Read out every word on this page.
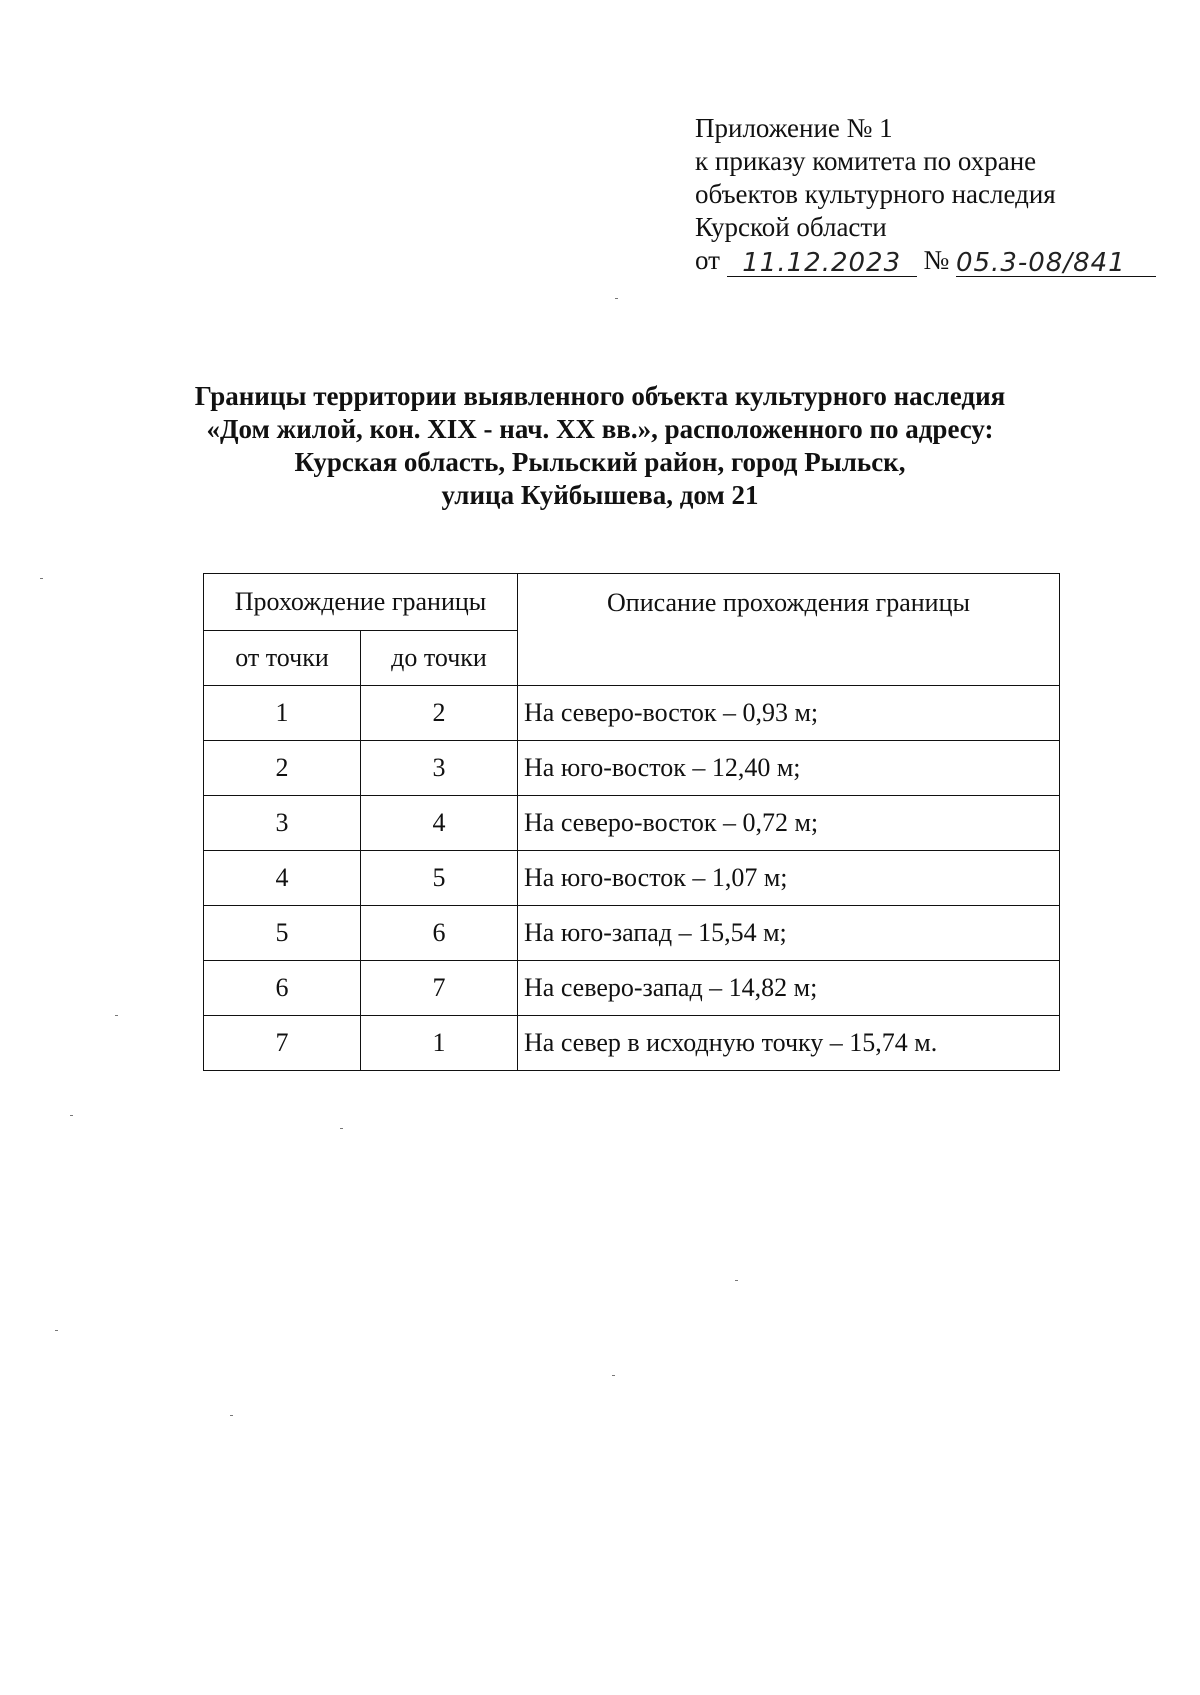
Приложение № 1
к приказу комитета по охране
объектов культурного наследия
Курской области
от 11.12.2023 № 05.3-08/841
Границы территории выявленного объекта культурного наследия
«Дом жилой, кон. XIX - нач. XX вв.», расположенного по адресу:
Курская область, Рыльский район, город Рыльск,
улица Куйбышева, дом 21
Прохождение границы		Описание прохождения границы
от точки	до точки	
1	2	На северо-восток – 0,93 м;
2	3	На юго-восток – 12,40 м;
3	4	На северо-восток – 0,72 м;
4	5	На юго-восток – 1,07 м;
5	6	На юго-запад – 15,54 м;
6	7	На северо-запад – 14,82 м;
7	1	На север в исходную точку – 15,74 м.
